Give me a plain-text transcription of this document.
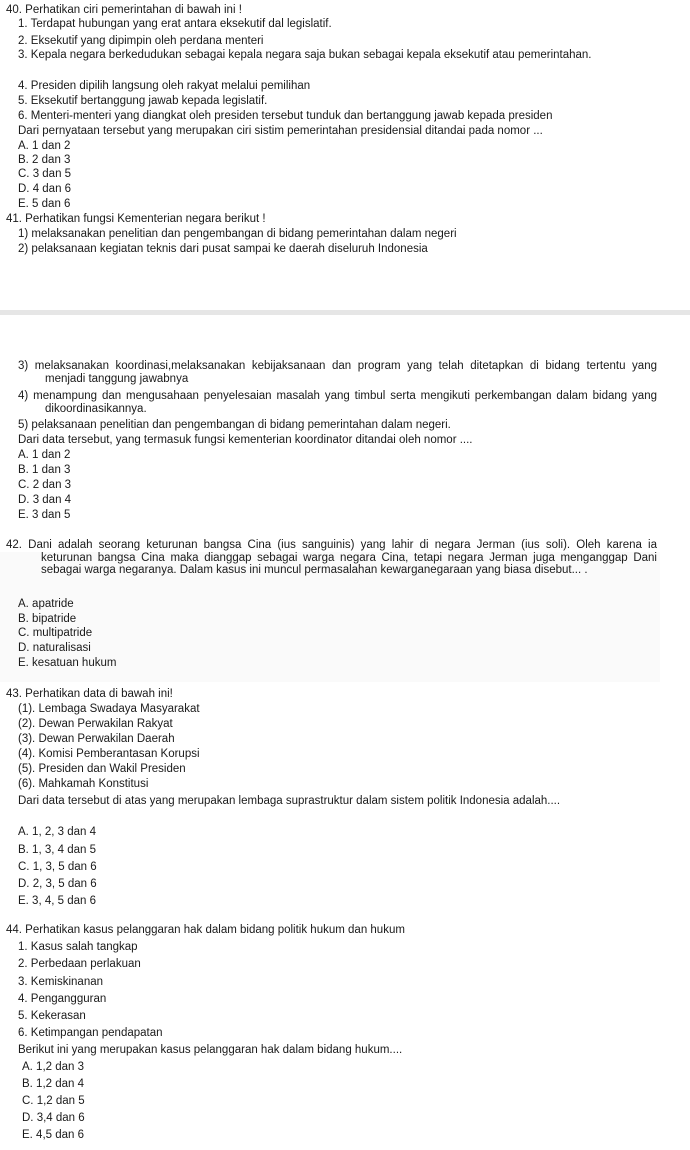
40. Perhatikan ciri pemerintahan di bawah ini !
1. Terdapat hubungan yang erat antara eksekutif dal legislatif.
2. Eksekutif yang dipimpin oleh perdana menteri
3. Kepala negara berkedudukan sebagai kepala negara saja bukan sebagai kepala eksekutif atau pemerintahan.
4. Presiden dipilih langsung oleh rakyat melalui pemilihan
5. Eksekutif bertanggung jawab kepada legislatif.
6. Menteri-menteri yang diangkat oleh presiden tersebut tunduk dan bertanggung jawab kepada presiden
Dari pernyataan tersebut yang merupakan ciri sistim pemerintahan presidensial ditandai pada nomor ...
A. 1 dan 2
B. 2 dan 3
C. 3 dan 5
D. 4 dan 6
E. 5 dan 6
41. Perhatikan fungsi Kementerian negara berikut !
1) melaksanakan penelitian dan pengembangan di bidang pemerintahan dalam negeri
2) pelaksanaan kegiatan teknis dari pusat sampai ke daerah diseluruh Indonesia
3) melaksanakan koordinasi,melaksanakan kebijaksanaan dan program yang telah ditetapkan di bidang tertentu yang menjadi tanggung jawabnya
4) menampung dan mengusahaan penyelesaian masalah yang timbul serta mengikuti perkembangan dalam bidang yang dikoordinasikannya.
5) pelaksanaan penelitian dan pengembangan di bidang pemerintahan dalam negeri.
Dari data tersebut, yang termasuk fungsi kementerian koordinator ditandai oleh nomor ....
A. 1 dan 2
B. 1 dan 3
C. 2 dan 3
D. 3 dan 4
E. 3 dan 5
42. Dani adalah seorang keturunan bangsa Cina (ius sanguinis) yang lahir di negara Jerman (ius soli). Oleh karena ia keturunan bangsa Cina maka dianggap sebagai warga negara Cina, tetapi negara Jerman juga menganggap Dani sebagai warga negaranya. Dalam kasus ini muncul permasalahan kewarganegaraan yang biasa disebut... .
A. apatride
B. bipatride
C. multipatride
D. naturalisasi
E. kesatuan hukum
43. Perhatikan data di bawah ini!
(1). Lembaga Swadaya Masyarakat
(2). Dewan Perwakilan Rakyat
(3). Dewan Perwakilan Daerah
(4). Komisi Pemberantasan Korupsi
(5). Presiden dan Wakil Presiden
(6). Mahkamah Konstitusi
Dari data tersebut di atas yang merupakan lembaga suprastruktur dalam sistem politik Indonesia adalah....
A. 1, 2, 3 dan 4
B. 1, 3, 4 dan 5
C. 1, 3, 5 dan 6
D. 2, 3, 5 dan 6
E. 3, 4, 5 dan 6
44. Perhatikan kasus pelanggaran hak dalam bidang politik hukum dan hukum
1. Kasus salah tangkap
2. Perbedaan perlakuan
3. Kemiskinanan
4. Pengangguran
5. Kekerasan
6. Ketimpangan pendapatan
Berikut ini yang merupakan kasus pelanggaran hak dalam bidang hukum....
A. 1,2 dan 3
B. 1,2 dan 4
C. 1,2 dan 5
D. 3,4 dan 6
E. 4,5 dan 6
